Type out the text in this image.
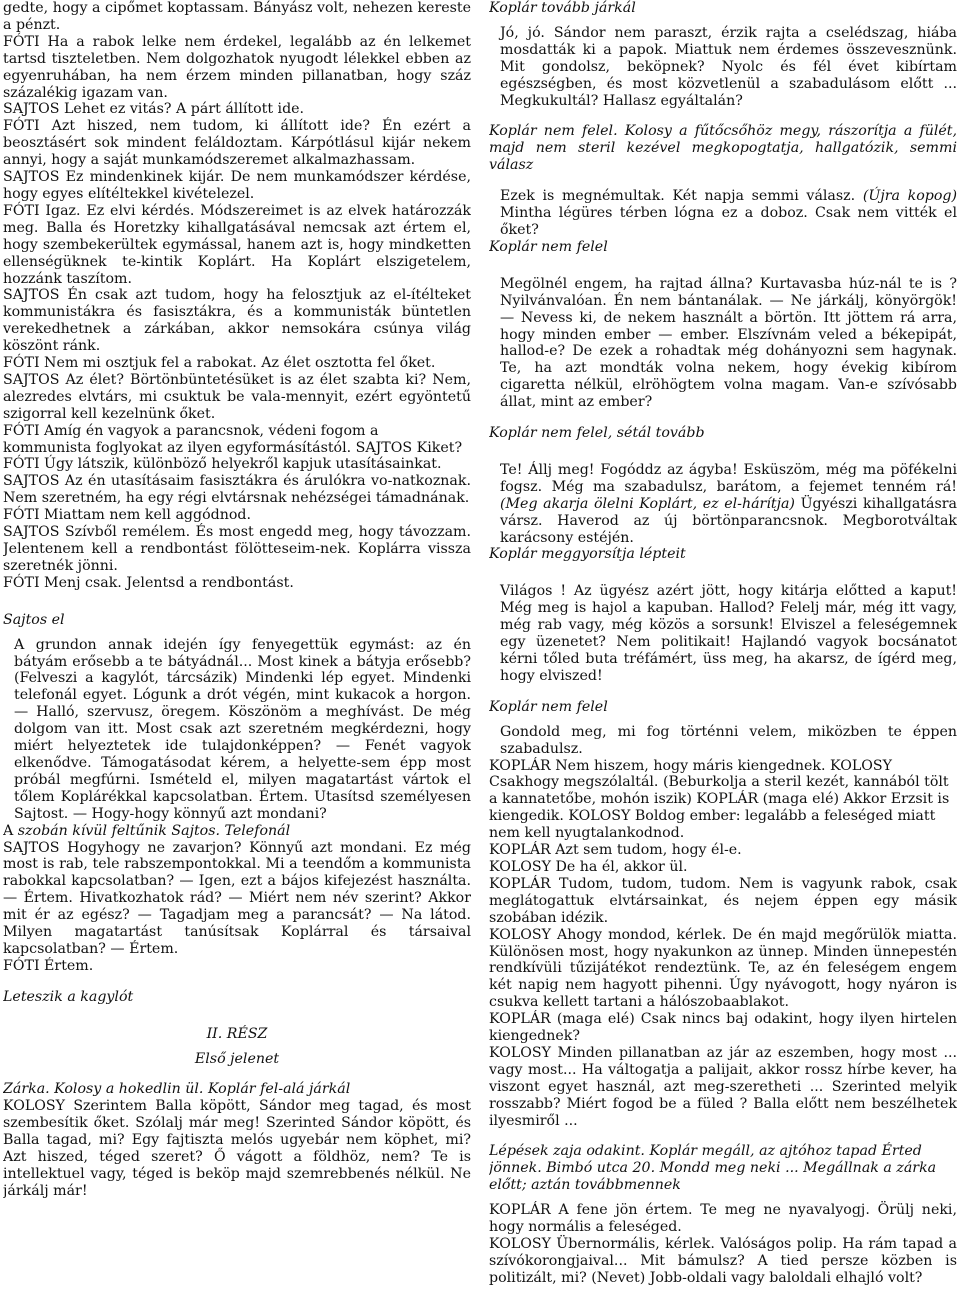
gedte, hogy a cipőmet koptassam. Bányász volt, nehezen kereste a pénzt.

FÓTI Ha a rabok lelke nem érdekel, legalább az én lelkemet tartsd tiszteletben. Nem dolgozhatok nyugodt lélekkel ebben az egyenruhában, ha nem érzem minden pillanatban, hogy száz százalékig igazam van.

SAJTOS Lehet ez vitás? A párt állított ide.

FÓTI Azt hiszed, nem tudom, ki állított ide? Én ezért a beosztásért sok mindent feláldoztam. Kárpótlásul kijár nekem annyi, hogy a saját munkamódszeremet alkalmazhassam.

SAJTOS Ez mindenkinek kijár. De nem munkamódszer kérdése, hogy egyes elítéltekkel kivételezel.

FÓTI Igaz. Ez elvi kérdés. Módszereimet is az elvek határozzák meg. Balla és Horetzky kihallgatásával nemcsak azt értem el, hogy szembekerültek egymással, hanem azt is, hogy mindketten ellenségüknek te-kintik Koplárt. Ha Koplárt elszigetelem, hozzánk taszítom.

SAJTOS Én csak azt tudom, hogy ha felosztjuk az el-ítélteket kommunistákra és fasisztákra, és a kommunisták büntetlen verekedhetnek a zárkában, akkor nemsokára csúnya világ köszönt ránk.

FÓTI Nem mi osztjuk fel a rabokat. Az élet osztotta fel őket.

SAJTOS Az élet? Börtönbüntetésüket is az élet szabta ki? Nem, alezredes elvtárs, mi csuktuk be vala-mennyit, ezért egyöntetű szigorral kell kezelnünk őket.

FÓTI Amíg én vagyok a parancsnok, védeni fogom a kommunista foglyokat az ilyen egyformásítástól. SAJTOS Kiket?

FÓTI Úgy látszik, különböző helyekről kapjuk utasításainkat.

SAJTOS Az én utasításaim fasisztákra és árulókra vo-natkoznak. Nem szeretném, ha egy régi elvtársnak nehézségei támadnának.

FÓTI Miattam nem kell aggódnod.

SAJTOS Szívből remélem. És most engedd meg, hogy távozzam. Jelentenem kell a rendbontást fölötteseim-nek. Koplárra vissza szeretnék jönni.

FÓTI Menj csak. Jelentsd a rendbontást.

Sajtos el

A grundon annak idején így fenyegettük egymást: az én bátyám erősebb a te bátyádnál... Most kinek a bátyja erősebb? (Felveszi a kagylót, tárcsázik) Mindenki lép egyet. Mindenki telefonál egyet. Lógunk a drót végén, mint kukacok a horgon. — Halló, szervusz, öregem. Köszönöm a meghívást. De még dolgom van itt. Most csak azt szeretném megkérdezni, hogy miért helyeztetek ide tulajdonképpen? — Fenét vagyok elkenődve. Támogatásodat kérem, a helyette-sem épp most próbál megfúrni. Ismételd el, milyen magatartást vártok el tőlem Koplárékkal kapcsolatban. Értem. Utasítsd személyesen Sajtost. — Hogy-hogy könnyű azt mondani?

A szobán kívül feltűnik Sajtos. Telefonál

SAJTOS Hogyhogy ne zavarjon? Könnyű azt mondani. Ez még most is rab, tele rabszempontokkal. Mi a teendőm a kommunista rabokkal kapcsolatban? — Igen, ezt a bájos kifejezést használta. — Értem. Hivatkozhatok rád? — Miért nem név szerint? Akkor mit ér az egész? — Tagadjam meg a parancsát? — Na látod. Milyen magatartást tanúsítsak Koplárral és társaival kapcsolatban? — Értem.

FÓTI Értem.

Leteszik a kagylót

II. RÉSZ

Első jelenet

Zárka. Kolosy a hokedlin ül. Koplár fel-alá járkál

KOLOSY Szerintem Balla köpött, Sándor meg tagad, és most szembesítik őket. Szólalj már meg! Szerinted Sándor köpött, és Balla tagad, mi? Egy fajtiszta melós ugyebár nem köphet, mi? Azt hiszed, téged szeret? Ő vágott a földhöz, nem? Te is intellektuel vagy, téged is beköp majd szemrebbenés nélkül. Ne járkálj már!

Koplár tovább járkál

Jó, jó. Sándor nem paraszt, érzik rajta a cselédszag, hiába mosdatták ki a papok. Miattuk nem érdemes összevesznünk. Mit gondolsz, beköpnek? Nyolc és fél évet kibírtam egészségben, és most közvetlenül a szabadulásom előtt ... Megkukultál? Hallasz egyáltalán?

Koplár nem felel. Kolosy a fűtőcsőhöz megy, rászorítja a fülét, majd nem steril kezével megkopogtatja, hallgatózik, semmi válasz

Ezek is megnémultak. Két napja semmi válasz. (Újra kopog) Mintha légüres térben lógna ez a doboz. Csak nem vitték el őket?

Koplár nem felel

Megölnél engem, ha rajtad állna? Kurtavasba húz-nál te is ? Nyilvánvalóan. Én nem bántanálak. — Ne járkálj, könyörgök! — Nevess ki, de nekem használt a börtön. Itt jöttem rá arra, hogy minden ember — ember. Elszívnám veled a békepipát, hallod-e? De ezek a rohadtak még dohányozni sem hagynak. Te, ha azt mondták volna nekem, hogy évekig kibírom cigaretta nélkül, elröhögtem volna magam. Van-e szívósabb állat, mint az ember?

Koplár nem felel, sétál tovább

Te! Állj meg! Fogóddz az ágyba! Esküszöm, még ma pöfékelni fogsz. Még ma szabadulsz, barátom, a fejemet tenném rá! (Meg akarja ölelni Koplárt, ez el-hárítja) Ügyészi kihallgatásra vársz. Haverod az új börtönparancsnok. Megborotváltak karácsony estéjén.

Koplár meggyorsítja lépteit

Világos ! Az ügyész azért jött, hogy kitárja előtted a kaput! Még meg is hajol a kapuban. Hallod? Felelj már, még itt vagy, még rab vagy, még közös a sorsunk! Elviszel a feleségemnek egy üzenetet? Nem politikait! Hajlandó vagyok bocsánatot kérni tőled buta tréfámért, üss meg, ha akarsz, de ígérd meg, hogy elviszed!

Koplár nem felel

Gondold meg, mi fog történni velem, miközben te éppen szabadulsz.

KOPLÁR Nem hiszem, hogy máris kiengednek. KOLOSY Csakhogy megszólaltál. (Beburkolja a steril kezét, kannából tölt a kannatetőbe, mohón iszik) KOPLÁR (maga elé) Akkor Erzsit is kiengedik. KOLOSY Boldog ember: legalább a feleséged miatt nem kell nyugtalankodnod.

KOPLÁR Azt sem tudom, hogy él-e.

KOLOSY De ha él, akkor ül.

KOPLÁR Tudom, tudom, tudom. Nem is vagyunk rabok, csak meglátogattuk elvtársainkat, és nejem éppen egy másik szobában idézik.

KOLOSY Ahogy mondod, kérlek. De én majd megőrülök miatta. Különösen most, hogy nyakunkon az ünnep. Minden ünnepestén rendkívüli tűzijátékot rendeztünk. Te, az én feleségem engem két napig nem hagyott pihenni. Úgy nyávogott, hogy nyáron is csukva kellett tartani a hálószobaablakot.

KOPLÁR (maga elé) Csak nincs baj odakint, hogy ilyen hirtelen kiengednek?

KOLOSY Minden pillanatban az jár az eszemben, hogy most ... vagy most... Ha váltogatja a palijait, akkor rossz hírbe kever, ha viszont egyet használ, azt meg-szeretheti ... Szerinted melyik rosszabb? Miért fogod be a füled ? Balla előtt nem beszélhetek ilyesmiről ...

Lépések zaja odakint. Koplár megáll, az ajtóhoz tapad Érted jönnek. Bimbó utca 20. Mondd meg neki ... Megállnak a zárka előtt; aztán továbbmennek

KOPLÁR A fene jön értem. Te meg ne nyavalyogj. Örülj neki, hogy normális a feleséged.

KOLOSY Übernormális, kérlek. Valóságos polip. Ha rám tapad a szívókorongjaival... Mit bámulsz? A tied persze közben is politizált, mi? (Nevet) Jobb-oldali vagy baloldali elhajló volt?
